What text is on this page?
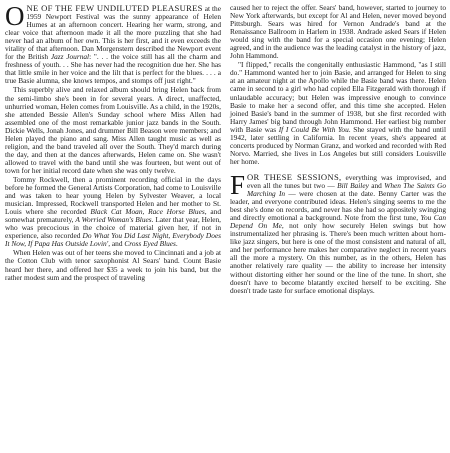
ONE OF THE FEW UNDILUTED PLEASURES at the 1959 Newport Festival was the sunny appearance of Helen Humes at an afternoon concert. Hearing her warm, strong, and clear voice that afternoon made it all the more puzzling that she had never had an album of her own. This is her first, and it even exceeds the vitality of that afternoon. Dan Morgenstern described the Newport event for the British Jazz Journal: ". . . the voice still has all the charm and freshness of youth. . . She has never had the recognition due her. She has that little smile in her voice and the lilt that is perfect for the blues. . . . a true Basie alumna, she knows tempos, and stomps off just right."

This superbly alive and relaxed album should bring Helen back from the semi-limbo she's been in for several years. A direct, unaffected, unhurried woman, Helen comes from Louisville. As a child, in the 1920s, she attended Bessie Allen's Sunday school where Miss Allen had assembled one of the most remarkable junior jazz bands in the South. Dickie Wells, Jonah Jones, and drummer Bill Beason were members; and Helen played the piano and sang. Miss Allen taught music as well as religion, and the band traveled all over the South. They'd march during the day, and then at the dances afterwards, Helen came on. She wasn't allowed to travel with the band until she was fourteen, but went out of town for her initial record date when she was only twelve.

Tommy Rockwell, then a prominent recording official in the days before he formed the General Artists Corporation, had come to Louisville and was taken to hear young Helen by Sylvester Weaver, a local musician. Impressed, Rockwell transported Helen and her mother to St. Louis where she recorded Black Cat Moan, Race Horse Blues, and somewhat prematurely, A Worried Woman's Blues. Later that year, Helen, who was precocious in the choice of material given her, if not in experience, also recorded Do What You Did Last Night, Everybody Does It Now, If Papa Has Outside Lovin', and Cross Eyed Blues.

When Helen was out of her teens she moved to Cincinnati and a job at the Cotton Club with tenor saxophonist Al Sears' band. Count Basie heard her there, and offered her $35 a week to join his band, but the rather modest sum and the prospect of traveling

caused her to reject the offer. Sears' band, however, started to journey to New York afterwards, but except for Al and Helen, never moved beyond Pittsburgh. Sears was hired for Vernon Andrade's band at the Renaissance Ballroom in Harlem in 1938. Andrade asked Sears if Helen would sing with the band for a special occasion one evening; Helen agreed, and in the audience was the leading catalyst in the history of jazz, John Hammond.

"I flipped," recalls the congenitally enthusiastic Hammond, "as I still do." Hammond wanted her to join Basie, and arranged for Helen to sing at an amateur night at the Apollo while the Basie band was there. Helen came in second to a girl who had copied Ella Fitzgerald with thorough if unlaudable accuracy; but Helen was impressive enough to convince Basie to make her a second offer, and this time she accepted. Helen joined Basie's band in the summer of 1938, but she first recorded with Harry James' big band through John Hammond. Her earliest big number with Basie was If I Could Be With You. She stayed with the band until 1942, later settling in California. In recent years, she's appeared at concerts produced by Norman Granz, and worked and recorded with Red Norvo. Married, she lives in Los Angeles but still considers Louisville her home.

FOR THESE SESSIONS, everything was improvised, and even all the tunes but two — Bill Bailey and When The Saints Go Marching In — were chosen at the date. Benny Carter was the leader, and everyone contributed ideas. Helen's singing seems to me the best she's done on records, and never has she had so appositely swinging and directly emotional a background. Note from the first tune, You Can Depend On Me, not only how securely Helen swings but how instrumentalized her phrasing is. There's been much written about horn-like jazz singers, but here is one of the most consistent and natural of all, and her performance here makes her comparative neglect in recent years all the more a mystery. On this number, as in the others, Helen has another relatively rare quality — the ability to increase her intensity without distorting either her sound or the line of the tune. In short, she doesn't have to become blatantly excited herself to be exciting. She doesn't trade taste for surface emotional displays.
